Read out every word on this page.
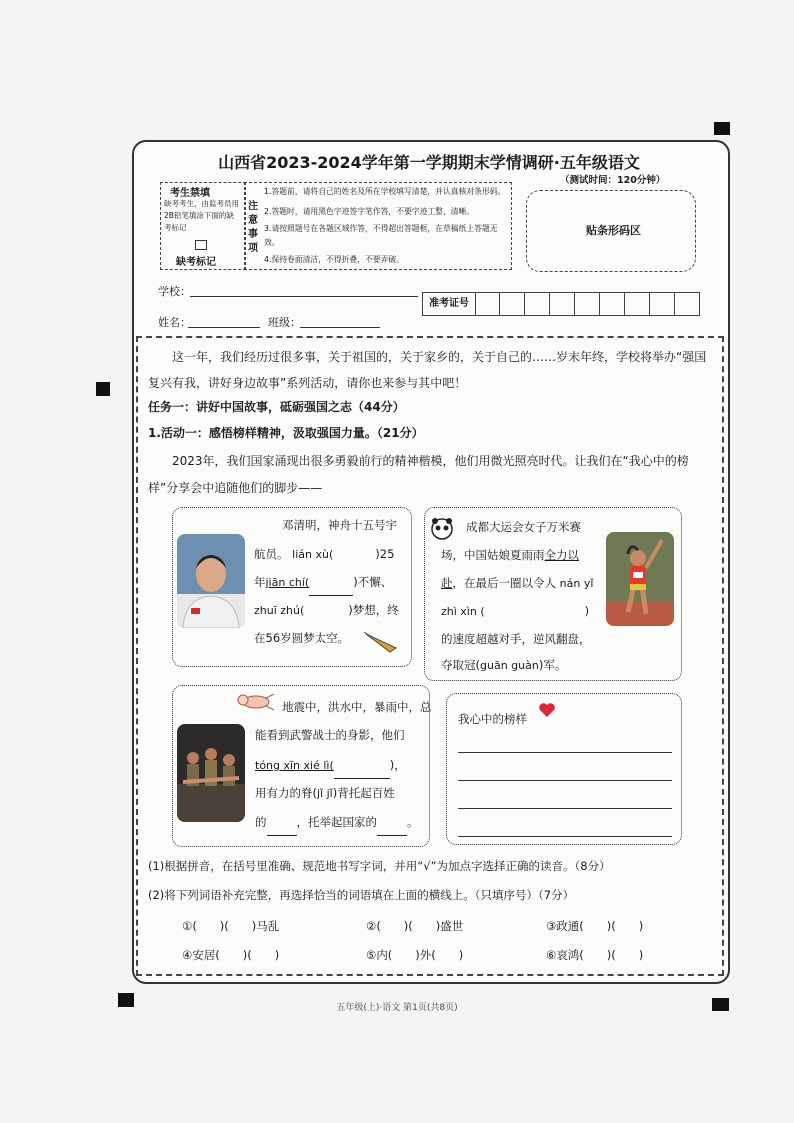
山西省2023-2024学年第一学期期末学情调研·五年级语文
（测试时间：120分钟）
考生禁填
缺考考生，由监考员用2B铅笔填涂下面的缺考标记
缺考标记
注意事项
1.答题前，请将自己的姓名及所在学校填写清楚，并认真核对条形码。
2.答题时，请用黑色字迹签字笔作答，不要字迹工整、清晰。
3.请按照题号在各题区域作答，不得超出答题框，在草稿纸上答题无效。
4.保持卷面清洁，不得折叠，不要弄破。
贴条形码区
学校：
姓名：	班级：
准考证号
这一年，我们经历过很多事，关于祖国的，关于家乡的，关于自己的……岁末年终，学校将举办“强国复兴有我，讲好身边故事”系列活动，请你也来参与其中吧！
任务一：讲好中国故事，砥砺强国之志（44分）
1.活动一：感悟榜样精神，汲取强国力量。（21分）
2023年，我们国家涌现出很多勇毅前行的精神楷模，他们用微光照亮时代。让我们在“我心中的榜样”分享会中追随他们的脚步——
邓清明，神舟十五号宇
航员。 lián xù(	)25
年jiān chí(	)不懈、
zhuī zhú(	)梦想，终
在56岁圆梦太空。
成都大运会女子万米赛
场，中国姑娘夏雨雨全力以
赴，在最后一圈以令人 nán yǐ
zhì xìn (	)
的速度超越对手，逆风翻盘，
夺取冠(guān guàn)军。
地震中，洪水中，暴雨中，总
能看到武警战士的身影，他们
tóng xīn xié lì(	)，
用有力的脊(jǐ jǐ)背托起百姓
的	，托举起国家的	。
我心中的榜样
(1)根据拼音，在括号里准确、规范地书写字词，并用“√”为加点字选择正确的读音。（8分）
(2)将下列词语补充完整，再选择恰当的词语填在上面的横线上。（只填序号）（7分）
①(　　)(　　)马乱	②(　　)(　　)盛世	③政通(　　)(　　)
④安居(　　)(　　)	⑤内(　　)外(　　)	⑥哀鸿(　　)(　　)
五年级(上)·语文 第1页(共8页)
